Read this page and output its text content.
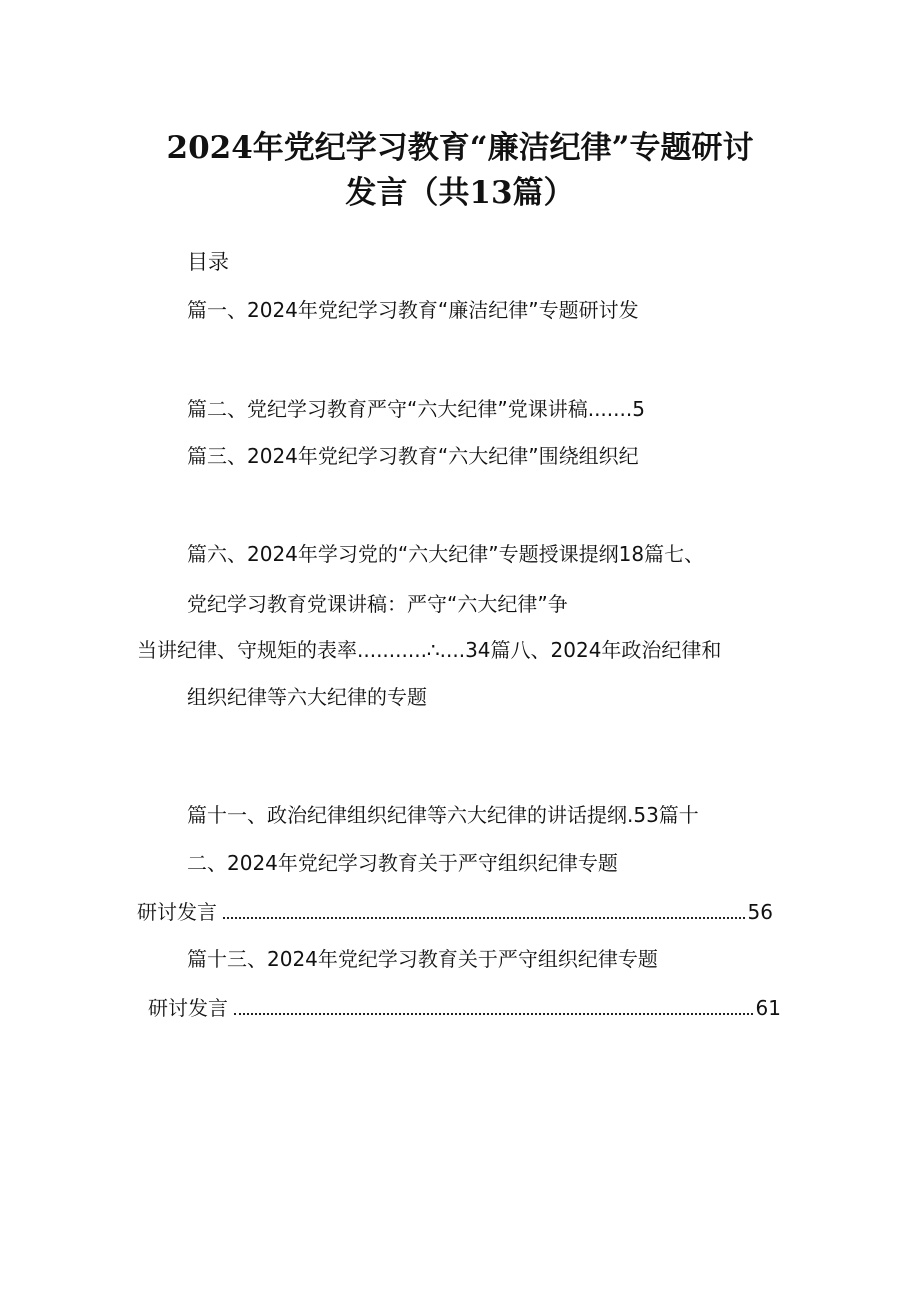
2024年党纪学习教育“廉洁纪律”专题研讨
发言（共13篇）
目录
篇一、2024年党纪学习教育“廉洁纪律”专题研讨发
篇二、党纪学习教育严守“六大纪律”党课讲稿.......5
篇三、2024年党纪学习教育“六大纪律”围绕组织纪
篇六、2024年学习党的“六大纪律”专题授课提纲18篇七、
党纪学习教育党课讲稿：严守“六大纪律”争
当讲纪律、守规矩的表率...........∴....34篇八、2024年政治纪律和
组织纪律等六大纪律的专题
篇十一、政治纪律组织纪律等六大纪律的讲话提纲.53篇十
二、2024年党纪学习教育关于严守组织纪律专题
研讨发言	56
篇十三、2024年党纪学习教育关于严守组织纪律专题
研讨发言	61
